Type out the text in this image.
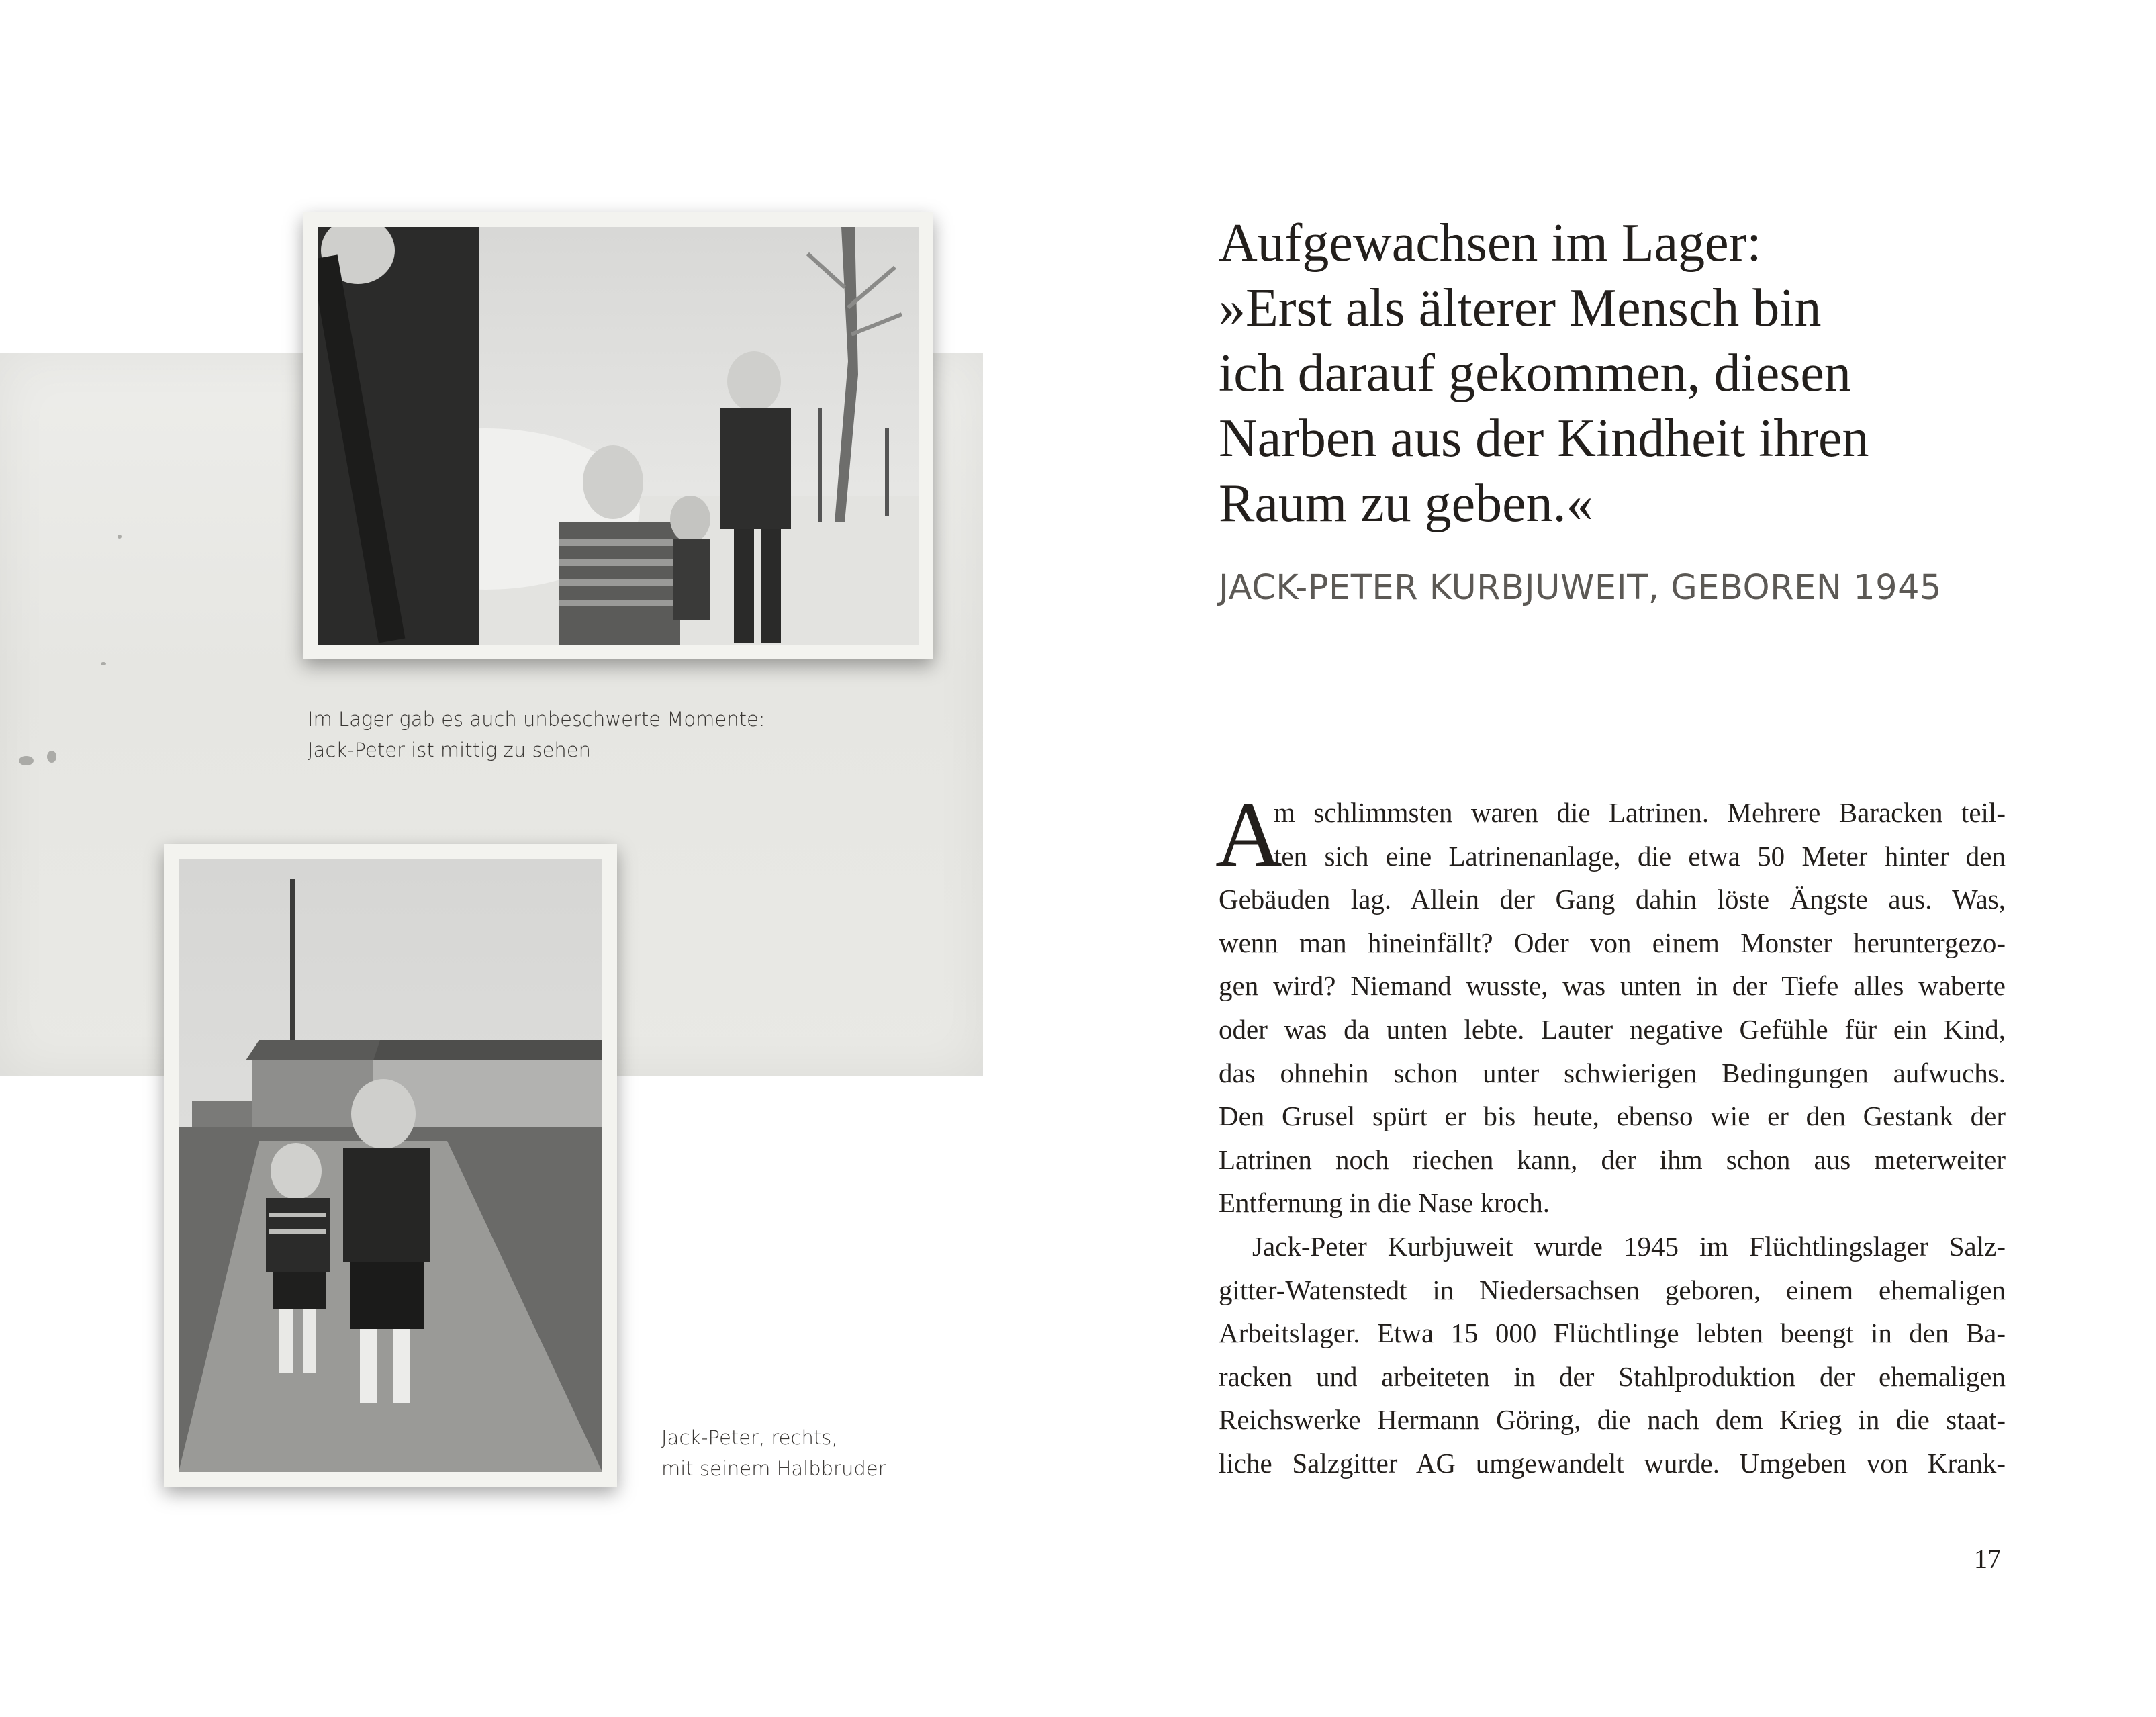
Im Lager gab es auch unbeschwerte Momente:
Jack-Peter ist mittig zu sehen
Jack-Peter, rechts,
mit seinem Halbbruder
Aufgewachsen im Lager:
»Erst als älterer Mensch bin
ich darauf gekommen, diesen
Narben aus der Kindheit ihren
Raum zu geben.«
JACK-PETER KURBJUWEIT, GEBOREN 1945
A
m schlimmsten waren die Latrinen. Mehrere Baracken teil-
ten sich eine Latrinenanlage, die etwa 50 Meter hinter den
Gebäuden lag. Allein der Gang dahin löste Ängste aus. Was,
wenn man hineinfällt? Oder von einem Monster heruntergezo-
gen wird? Niemand wusste, was unten in der Tiefe alles waberte
oder was da unten lebte. Lauter negative Gefühle für ein Kind,
das ohnehin schon unter schwierigen Bedingungen aufwuchs.
Den Grusel spürt er bis heute, ebenso wie er den Gestank der
Latrinen noch riechen kann, der ihm schon aus meterweiter
Entfernung in die Nase kroch.
Jack-Peter Kurbjuweit wurde 1945 im Flüchtlingslager Salz-
gitter-Watenstedt in Niedersachsen geboren, einem ehemaligen
Arbeitslager. Etwa 15 000 Flüchtlinge lebten beengt in den Ba-
racken und arbeiteten in der Stahlproduktion der ehemaligen
Reichswerke Hermann Göring, die nach dem Krieg in die staat-
liche Salzgitter AG umgewandelt wurde. Umgeben von Krank-
17
